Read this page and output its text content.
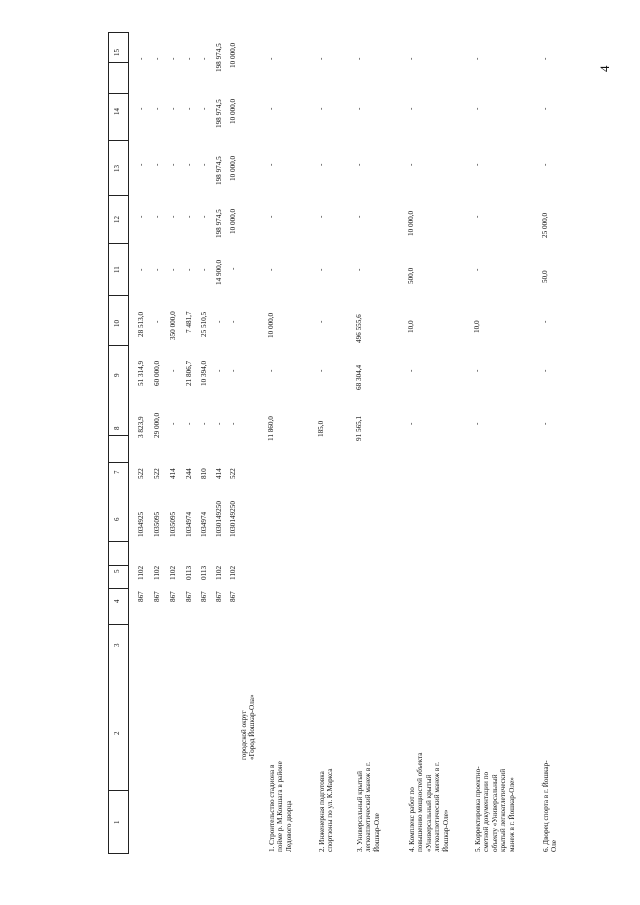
4
15
14
13
12
11
10
9
8
7
6
5
4
3
2
1
городской округ «Город Йошкар-Ола»
867 867 867 867 867 867 867
1102 1102 1102 0113 0113 1102 1102
1034925 1035095 1035095 1034974 1034974 1030149250 1030149250
522 522 414 244 810 414 522
3 823,9 29 000,0 - - - - -
51 314,9 60 000,0 - 21 806,7 10 394,0 - -
28 513,0 - 350 000,0 7 481,7 25 510,5 - -
14 900,0 -
198 974,5 10 000,0
198 974,5 10 000,0
198 974,5 10 000,0
198 974,5 10 000,0
- - - - -
- - - - -
- - - - -
- - - - -
- - - - -
1. Строительство стадиона в пойме р. М.Кокшага в районе Ледового дворца
11 860,0
-
10 000,0
-
-
-
-
-
2. Инженерная подготовка спортзоны по ул. К.Маркса
185,0
-
-
-
-
-
-
-
3. Универсальный крытый легкоатлетический манеж в г. Йошкар-Оле
91 565,1
68 304,4
496 555,6
-
-
-
-
-
4. Комплекс работ по повышению мощностей объекта «Универсальный крытый легкоатлетический манеж в г. Йошкар-Оле»
-
-
10,0
500,0
10 000,0
-
-
-
5. Корректировка проектно-сметной документации по объекту «Универсальный крытый легкоатлетический манеж в г. Йошкар-Оле»
-
-
10,0
-
-
-
-
-
6. Дворец спорта в г. Йошкар-Оле
-
-
-
50,0
25 000,0
-
-
-
